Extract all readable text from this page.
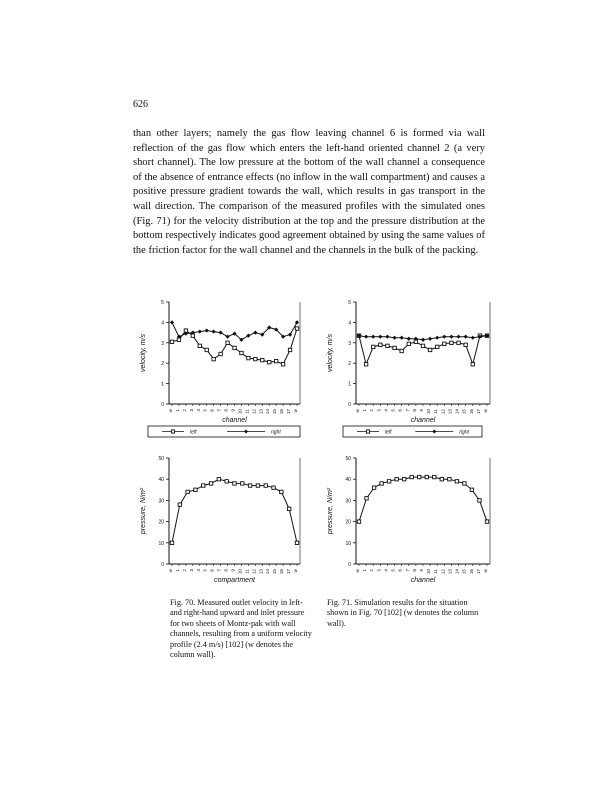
626

than other layers; namely the gas flow leaving channel 6 is formed via wall reflection of the gas flow which enters the left-hand oriented channel 2 (a very short channel). The low pressure at the bottom of the wall channel a consequence of the absence of entrance effects (no inflow in the wall compartment) and causes a positive pressure gradient towards the wall, which results in gas transport in the wall direction. The comparison of the measured profiles with the simulated ones (Fig. 71) for the velocity distribution at the top and the pressure distribution at the bottom respectively indicates good agreement obtained by using the same values of the friction factor for the wall channel and the channels in the bulk of the packing.

0
1
2
3
4
5
w 1 2 3 4 5 6 7 8 9 10 11 12 13 14 15 16 17 w
channel
velocity, m/s
left	right
0
1
2
3
4
5
w 1 2 3 4 5 6 7 8 9 10 11 12 13 14 15 16 17 w
channel
velocity, m/s
left	right
0
10
20
30
40
50
w 1 2 3 4 5 6 7 8 9 10 11 12 13 14 15 16 17 w
compartment
pressure, N/m²
0
10
20
30
40
50
w 1 2 3 4 5 6 7 8 9 10 11 12 13 14 15 16 17 w
channel
pressure, N/m²
Fig. 70. Measured outlet velocity in left- and right-hand upward and inlet pressure for two sheets of Montz-pak with wall channels, resulting from a uniform velocity profile (2.4 m/s) [102] (w denotes the column wall).
Fig. 71. Simulation results for the situation shown in Fig. 70 [102] (w denotes the column wall).
